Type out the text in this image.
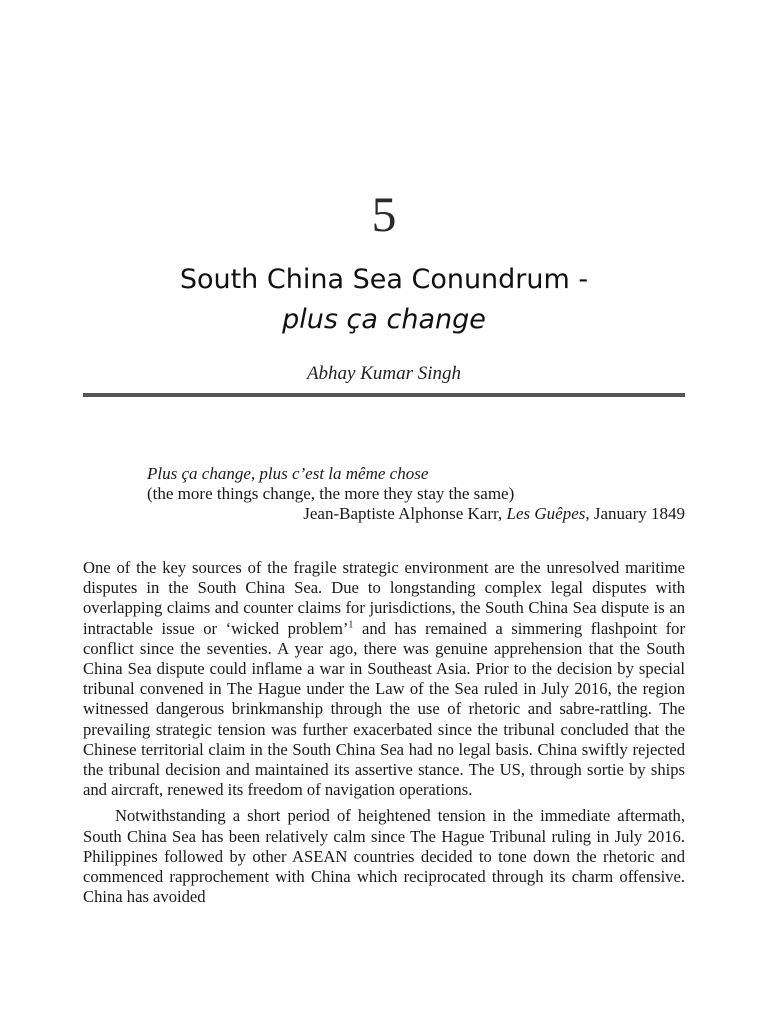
5
South China Sea Conundrum -
plus ça change
Abhay Kumar Singh
Plus ça change, plus c’est la même chose
(the more things change, the more they stay the same)
Jean-Baptiste Alphonse Karr, Les Guêpes, January 1849

One of the key sources of the fragile strategic environment are the unresolved maritime disputes in the South China Sea. Due to longstanding complex legal disputes with overlapping claims and counter claims for jurisdictions, the South China Sea dispute is an intractable issue or ‘wicked problem’$^1$ and has remained a simmering flashpoint for conflict since the seventies. A year ago, there was genuine apprehension that the South China Sea dispute could inflame a war in Southeast Asia. Prior to the decision by special tribunal convened in The Hague under the Law of the Sea ruled in July 2016, the region witnessed dangerous brinkmanship through the use of rhetoric and sabre-rattling. The prevailing strategic tension was further exacerbated since the tribunal concluded that the Chinese territorial claim in the South China Sea had no legal basis. China swiftly rejected the tribunal decision and maintained its assertive stance. The US, through sortie by ships and aircraft, renewed its freedom of navigation operations.

Notwithstanding a short period of heightened tension in the immediate aftermath, South China Sea has been relatively calm since The Hague Tribunal ruling in July 2016. Philippines followed by other ASEAN countries decided to tone down the rhetoric and commenced rapprochement with China which reciprocated through its charm offensive. China has avoided
